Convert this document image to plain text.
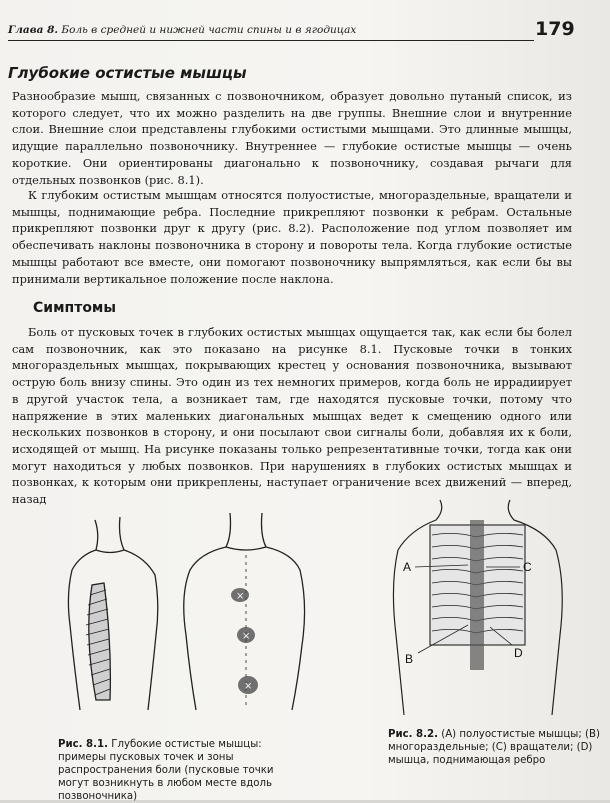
Глава 8. Боль в средней и нижней части спины и в ягодицах	179
Глубокие остистые мышцы

Разнообразие мышц, связанных с позвоночником, образует довольно путаный список, из которого следует, что их можно разделить на две группы. Внешние слои и внутренние слои. Внешние слои представлены глубокими остистыми мышцами. Это длинные мышцы, идущие параллельно позвоночнику. Внутреннее — глубокие остистые мышцы — очень короткие. Они ориентированы диагонально к позвоночнику, создавая рычаги для отдельных позвонков (рис. 8.1).

К глубоким остистым мышцам относятся полуостистые, многораздельные, вращатели и мышцы, поднимающие ребра. Последние прикрепляют позвонки к ребрам. Остальные прикрепляют позвонки друг к другу (рис. 8.2). Расположение под углом позволяет им обеспечивать наклоны позвоночника в сторону и повороты тела. Когда глубокие остистые мышцы работают все вместе, они помогают позвоночнику выпрямляться, как если бы вы принимали вертикальное положение после наклона.

Симптомы

Боль от пусковых точек в глубоких остистых мышцах ощущается так, как если бы болел сам позвоночник, как это показано на рисунке 8.1. Пусковые точки в тонких многораздельных мышцах, покрывающих крестец у основания позвоночника, вызывают острую боль внизу спины. Это один из тех немногих примеров, когда боль не иррадиирует в другой участок тела, а возникает там, где находятся пусковые точки, потому что напряжение в этих маленьких диагональных мышцах ведет к смещению одного или нескольких позвонков в сторону, и они посылают свои сигналы боли, добавляя их к боли, исходящей от мышц. На рисунке показаны только репрезентативные точки, тогда как они могут находиться у любых позвонков. При нарушениях в глубоких остистых мышцах и позвонках, к которым они прикреплены, наступает ограничение всех движений — вперед, назад

×
×
×
A
B
C
D
Рис. 8.1. Глубокие остистые мышцы: примеры пусковых точек и зоны распространения боли (пусковые точки могут возникнуть в любом месте вдоль позвоночника)
Рис. 8.2. (A) полуостистые мышцы; (B) многораздельные; (C) вращатели; (D) мышца, поднимающая ребро
